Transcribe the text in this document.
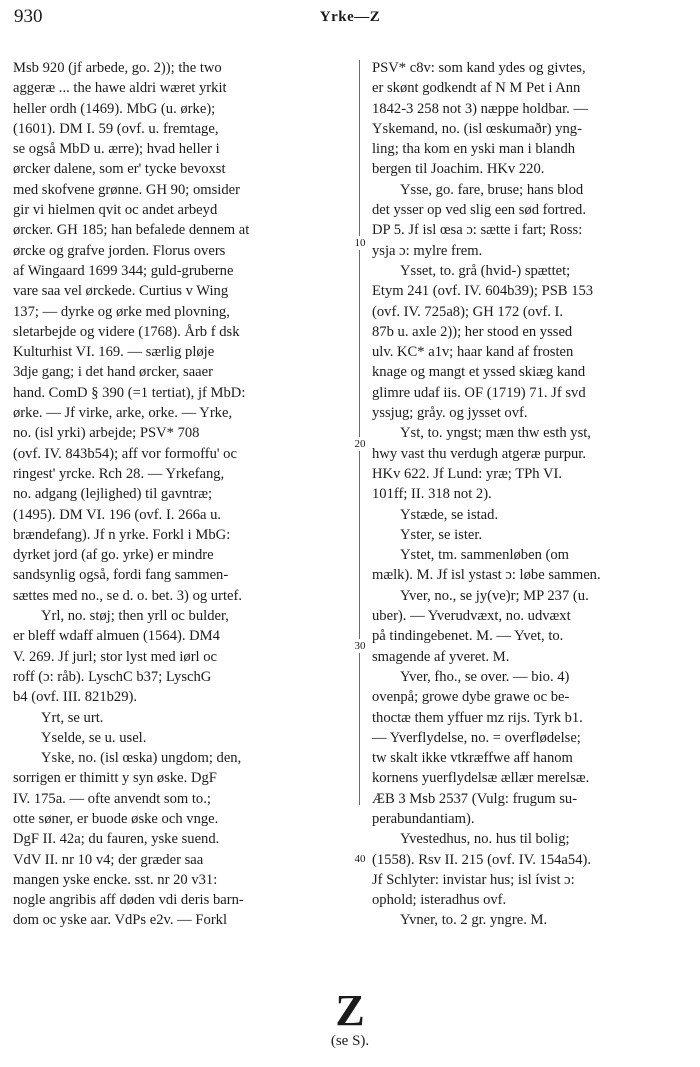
930	Yrke—Z
Msb 920 (jf arbede, go. 2)); the two
aggeræ ... the hawe aldri wæret yrkit
heller ordh (1469). MbG (u. ørke);
(1601). DM I. 59 (ovf. u. fremtage,
se også MbD u. ærre); hvad heller i
ørcker dalene, som er' tycke bevoxst
med skofvene grønne. GH 90; omsider
gir vi hielmen qvit oc andet arbeyd
ørcker. GH 185; han befalede dennem at
ørcke og grafve jorden. Florus overs
af Wingaard 1699 344; guld-gruberne
vare saa vel ørckede. Curtius v Wing
137; — dyrke og ørke med plovning,
sletarbejde og videre (1768). Årb f dsk
Kulturhist VI. 169. — særlig pløje
3dje gang; i det hand ørcker, saaer
hand. ComD § 390 (=1 tertiat), jf MbD:
ørke. — Jf virke, arke, orke. — Yrke,
no. (isl yrki) arbejde; PSV* 708
(ovf. IV. 843b54); aff vor formoffu' oc
ringest' yrcke. Rch 28. — Yrkefang,
no. adgang (lejlighed) til gavntræ;
(1495). DM VI. 196 (ovf. I. 266a u.
brændefang). Jf n yrke. Forkl i MbG:
dyrket jord (af go. yrke) er mindre
sandsynlig også, fordi fang sammen-
sættes med no., se d. o. bet. 3) og urtef.
Yrl, no. støj; then yrll oc bulder,
er bleff wdaff almuen (1564). DM4
V. 269. Jf jurl; stor lyst med iørl oc
roff (ɔ: råb). LyschC b37; LyschG
b4 (ovf. III. 821b29).
Yrt, se urt.
Yselde, se u. usel.
Yske, no. (isl œska) ungdom; den,
sorrigen er thimitt y syn øske. DgF
IV. 175a. — ofte anvendt som to.;
otte søner, er buode øske och vnge.
DgF II. 42a; du fauren, yske suend.
VdV II. nr 10 v4; der græder saa
mangen yske encke. sst. nr 20 v31:
nogle angribis aff døden vdi deris barn-
dom oc yske aar. VdPs e2v. — Forkl
10
20
30
40
PSV* c8v: som kand ydes og givtes,
er skønt godkendt af N M Pet i Ann
1842-3 258 not 3) næppe holdbar. —
Yskemand, no. (isl œskumaðr) yng-
ling; tha kom en yski man i blandh
bergen til Joachim. HKv 220.
Ysse, go. fare, bruse; hans blod
det ysser op ved slig een sød fortred.
DP 5. Jf isl œsa ɔ: sætte i fart; Ross:
ysja ɔ: mylre frem.
Ysset, to. grå (hvid-) spættet;
Etym 241 (ovf. IV. 604b39); PSB 153
(ovf. IV. 725a8); GH 172 (ovf. I.
87b u. axle 2)); her stood en yssed
ulv. KC* a1v; haar kand af frosten
knage og mangt et yssed skiæg kand
glimre udaf iis. OF (1719) 71. Jf svd
yssjug; gråy. og jysset ovf.
Yst, to. yngst; mæn thw esth yst,
hwy vast thu verdugh atgeræ purpur.
HKv 622. Jf Lund: yræ; TPh VI.
101ff; II. 318 not 2).
Ystæde, se istad.
Yster, se ister.
Ystet, tm. sammenløben (om
mælk). M. Jf isl ystast ɔ: løbe sammen.
Yver, no., se jy(ve)r; MP 237 (u.
uber). — Yverudvæxt, no. udvæxt
på tindingebenet. M. — Yvet, to.
smagende af yveret. M.
Yver, fho., se over. — bio. 4)
ovenpå; growe dybe grawe oc be-
thoctæ them yffuer mz rijs. Tyrk b1.
— Yverflydelse, no. = overflødelse;
tw skalt ikke vtkræffwe aff hanom
kornens yuerflydelsæ ællær merelsæ.
ÆB 3 Msb 2537 (Vulg: frugum su-
perabundantiam).
Yvestedhus, no. hus til bolig;
(1558). Rsv II. 215 (ovf. IV. 154a54).
Jf Schlyter: invistar hus; isl ívist ɔ:
ophold; isteradhus ovf.
Yvner, to. 2 gr. yngre. M.
Z
(se S).
